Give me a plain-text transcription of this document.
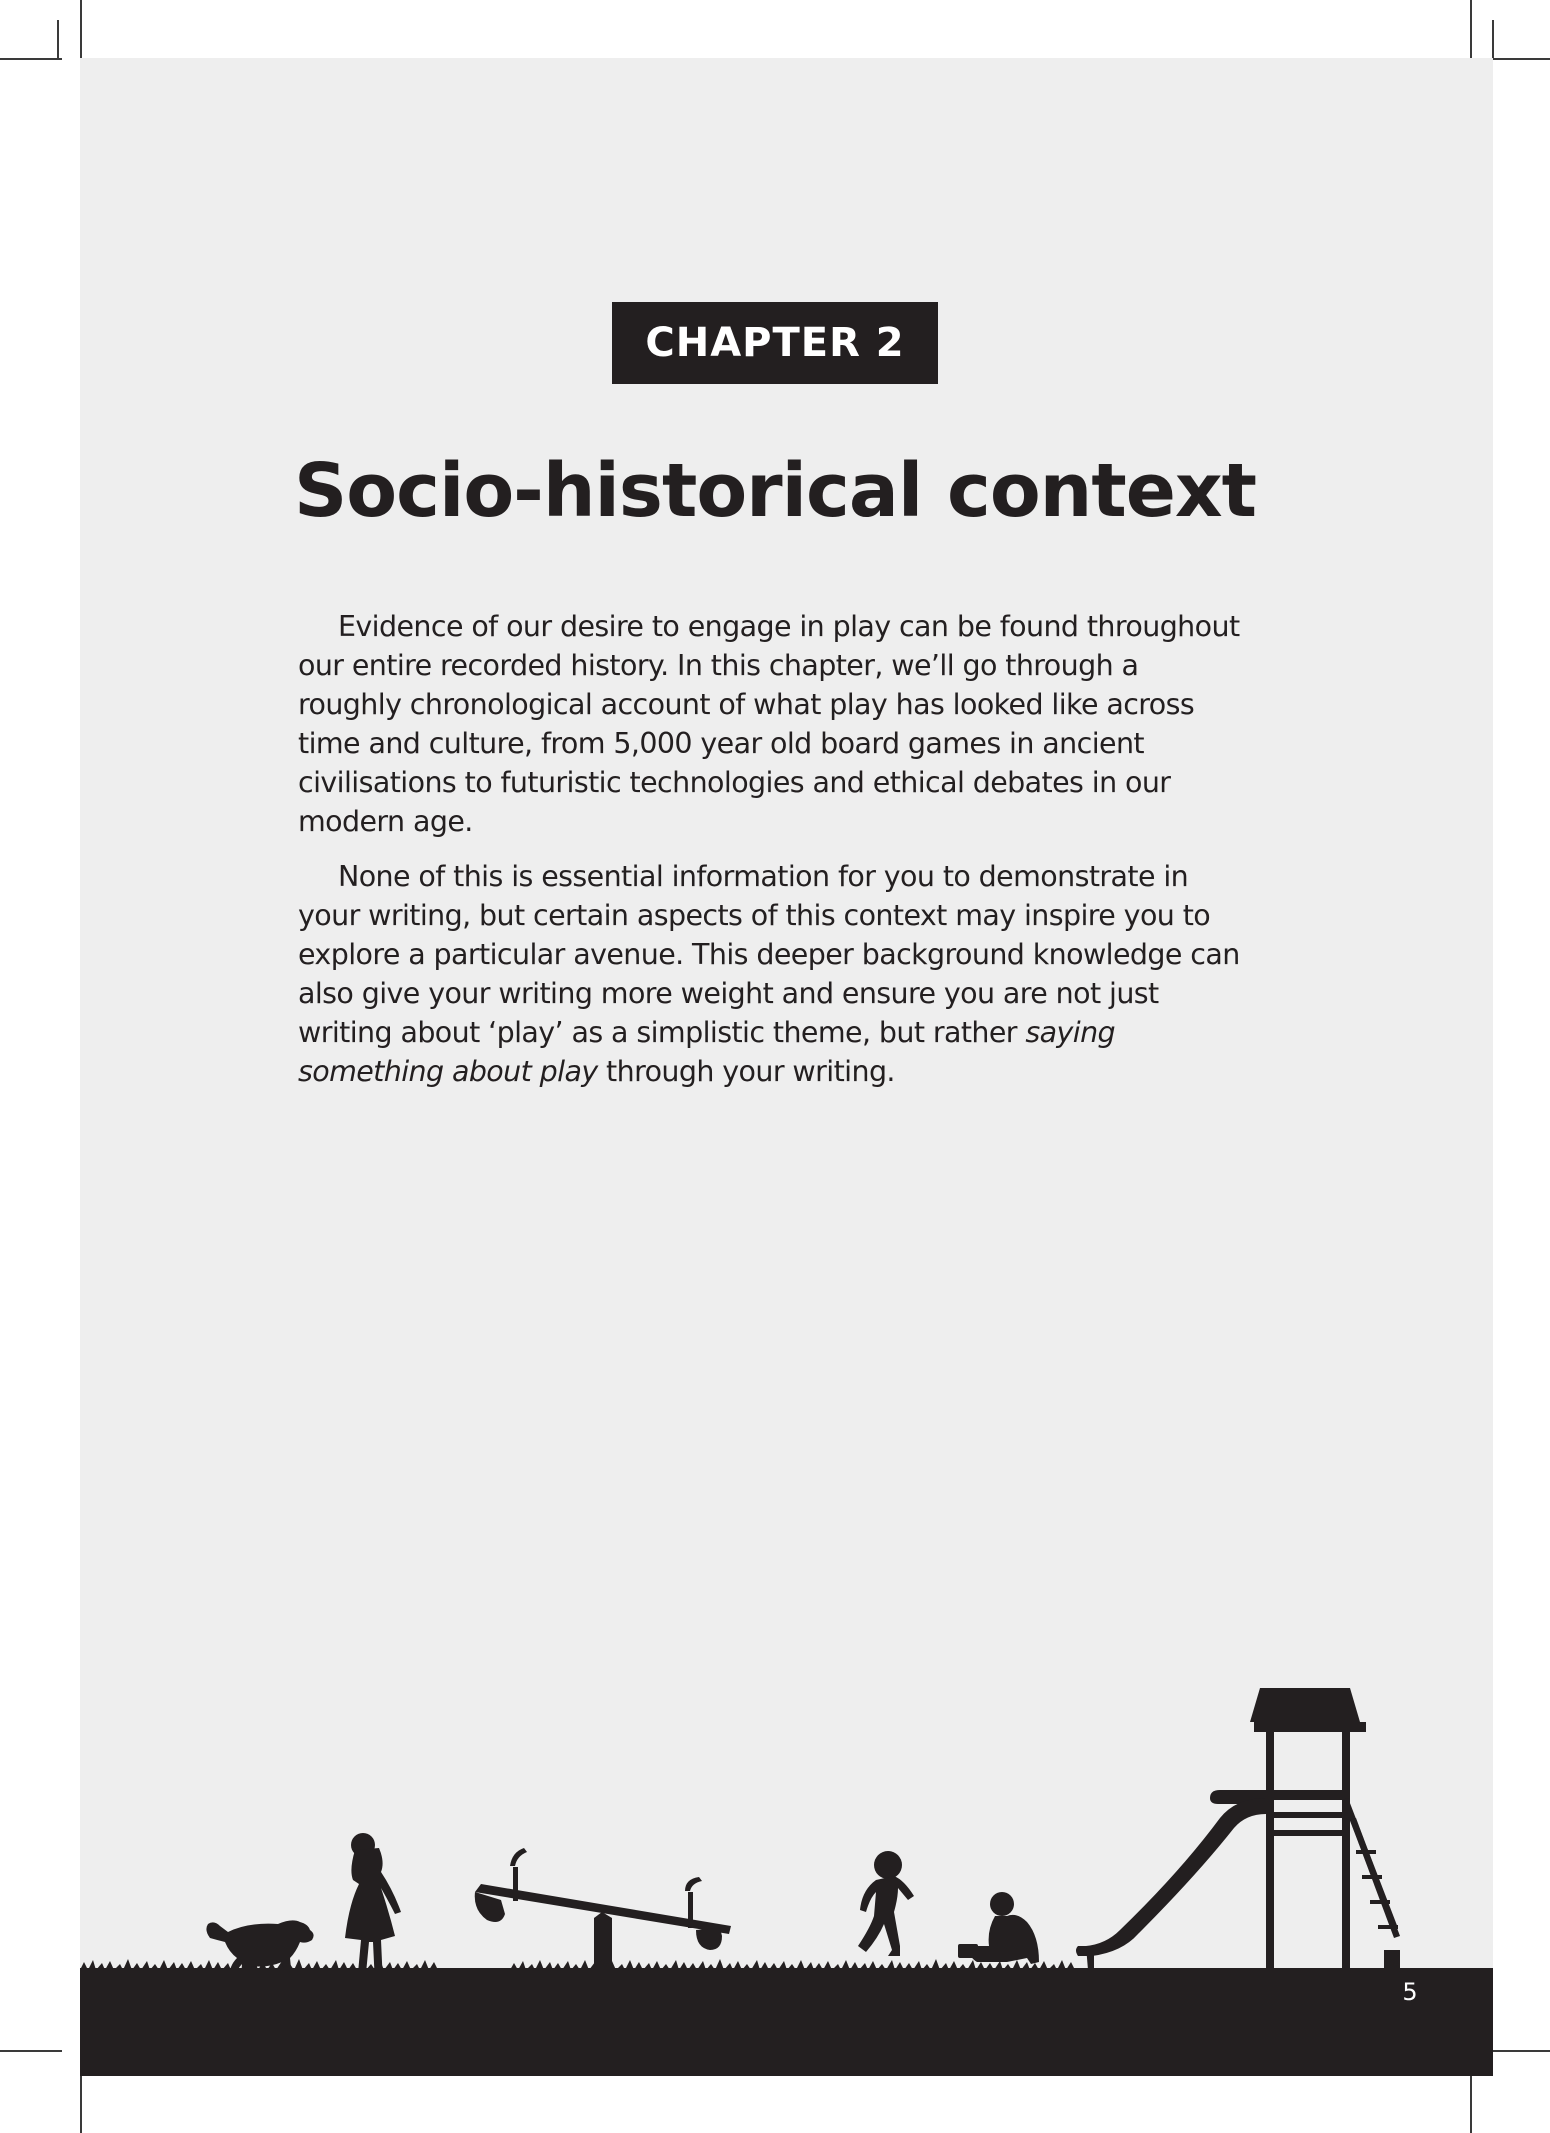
CHAPTER 2
Socio-historical context

Evidence of our desire to engage in play can be found throughout our entire recorded history. In this chapter, we’ll go through a roughly chronological account of what play has looked like across time and culture, from 5,000 year old board games in ancient civilisations to futuristic technologies and ethical debates in our modern age.

None of this is essential information for you to demonstrate in your writing, but certain aspects of this context may inspire you to explore a particular avenue. This deeper background knowledge can also give your writing more weight and ensure you are not just writing about ‘play’ as a simplistic theme, but rather saying something about play through your writing.

5
